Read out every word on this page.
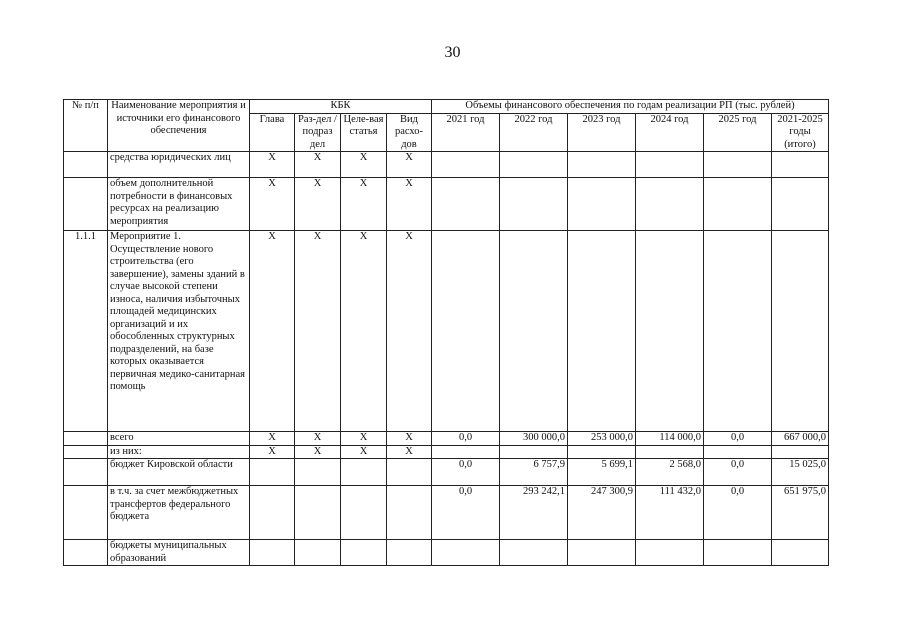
30
№ п/п	Наименование мероприятия и источники его финансового обеспечения	КБК				Объемы финансового обеспечения по годам реализации РП (тыс. рублей)					
		Глава	Раз-дел / подраз дел	Целе-вая статья	Вид расхо-дов	2021 год	2022 год	2023 год	2024 год	2025 год	2021-2025 годы (итого)
	средства юридических лиц	X	X	X	X						
	объем дополнительной потребности в финансовых ресурсах на реализацию мероприятия	X	X	X	X						
1.1.1	Мероприятие 1. Осуществление нового строительства (его завершение), замены зданий в случае высокой степени износа, наличия избыточных площадей медицинских организаций и их обособленных структурных подразделений, на базе которых оказывается первичная медико-санитарная помощь	X	X	X	X						
	всего	X	X	X	X	0,0	300 000,0	253 000,0	114 000,0	0,0	667 000,0
	из них:	X	X	X	X						
	бюджет Кировской области					0,0	6 757,9	5 699,1	2 568,0	0,0	15 025,0
	в т.ч. за счет межбюджетных трансфертов федерального бюджета					0,0	293 242,1	247 300,9	111 432,0	0,0	651 975,0
	бюджеты муниципальных образований										
